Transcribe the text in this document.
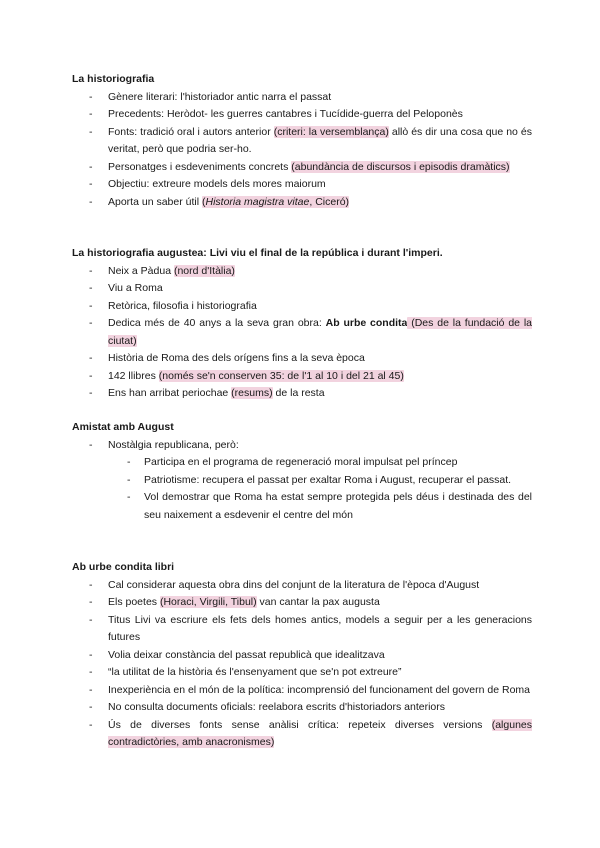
La historiografia

- Gènere literari: l'historiador antic narra el passat
- Precedents: Heròdot- les guerres cantabres i Tucídide-guerra del Peloponès
- Fonts: tradició oral i autors anterior (criteri: la versemblança) allò és dir una cosa que no és veritat, però que podria ser-ho.
- Personatges i esdeveniments concrets (abundància de discursos i episodis dramàtics)
- Objectiu: extreure models dels mores maiorum
- Aporta un saber útil (Historia magistra vitae, Ciceró)

La historiografia augustea: Livi viu el final de la república i durant l'imperi.

- Neix a Pàdua (nord d'Itàlia)
- Viu a Roma
- Retòrica, filosofia i historiografia
- Dedica més de 40 anys a la seva gran obra: Ab urbe condita (Des de la fundació de la ciutat)
- Història de Roma des dels orígens fins a la seva època
- 142 llibres (només se'n conserven 35: de l'1 al 10 i del 21 al 45)
- Ens han arribat periochae (resums) de la resta

Amistat amb August

- Nostàlgia republicana, però:
- Participa en el programa de regeneració moral impulsat pel príncep
- Patriotisme: recupera el passat per exaltar Roma i August, recuperar el passat.
- Vol demostrar que Roma ha estat sempre protegida pels déus i destinada des del seu naixement a esdevenir el centre del món

Ab urbe condita libri

- Cal considerar aquesta obra dins del conjunt de la literatura de l'època d'August
- Els poetes (Horaci, Virgili, Tibul) van cantar la pax augusta
- Titus Livi va escriure els fets dels homes antics, models a seguir per a les generacions futures
- Volia deixar constància del passat republicà que idealitzava
- “la utilitat de la història és l'ensenyament que se'n pot extreure”
- Inexperiència en el món de la política: incomprensió del funcionament del govern de Roma
- No consulta documents oficials: reelabora escrits d'historiadors anteriors
- Ús de diverses fonts sense anàlisi crítica: repeteix diverses versions (algunes contradictòries, amb anacronismes)
